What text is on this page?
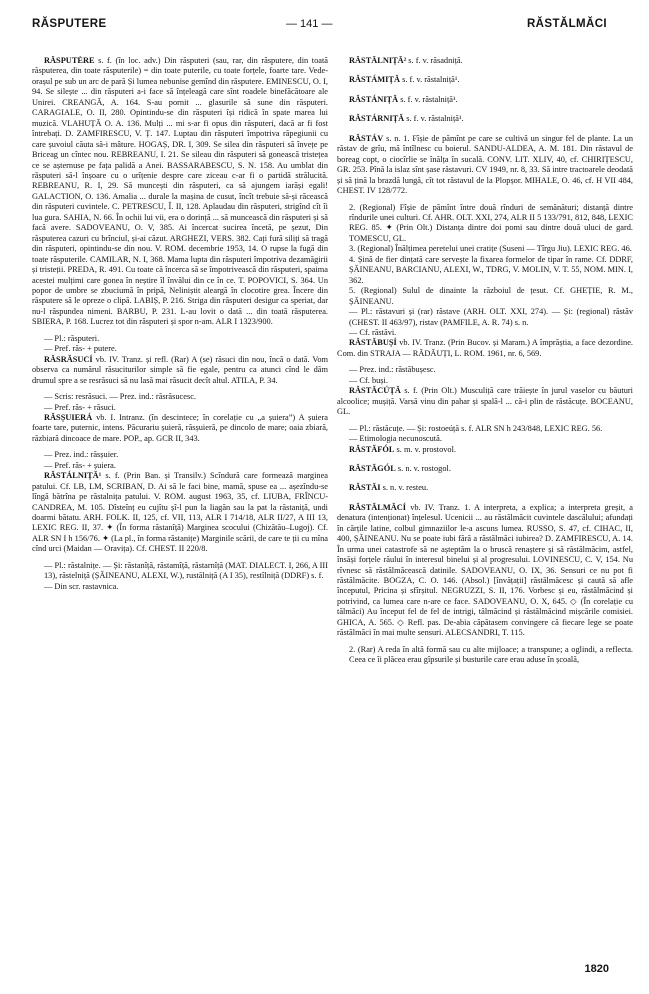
RĂSPUTERE	— 141 —	RĂSTĂLMĂCI

RĂSPUTÉRE s. f. (în loc. adv.) Din răsputeri (sau, rar, din răsputere, din toată răsputerea, din toate răsputerile) = din toate puterile, cu toate forțele, foarte tare. Vede-orașul pe sub un arc de pară Și lumea nebunise gemînd din răsputere. EMINESCU, O. I, 94. Se silește ... din răsputeri a-i face să înțeleagă care sînt roadele binefăcătoare ale Unirei. CREANGĂ, A. 164. S-au pornit ... glasurile să sune din răsputeri. CARAGIALE, O. II, 280. Opintindu-se din răsputeri își ridică în spate marea lui muzică. VLAHUȚĂ O. A. 136. Mulți ... mi s-ar fi opus din răsputeri, dacă ar fi fost întrebați. D. ZAMFIRESCU, V. Ț. 147. Luptau din răsputeri împotriva răpegiunii cu care șuvoiul căuta să-i mâture. HOGAȘ, DR. I, 309. Se silea din răsputeri să învețe pe Briceag un cîntec nou. REBREANU, I. 21. Se sileau din răsputeri să gonească tristețea ce se așternuse pe fața palidă a Anei. BASSARABESCU, S. N. 158. Au umblat din răsputeri să-l înșoare cu o urîțenie despre care ziceau c-ar fi o partidă strălucită. REBREANU, R. I, 29. Să muncești din răsputeri, ca să ajungem iarăși egali! GALACTION, O. 136. Amalia ... durale la mașina de cusut, încît trebuie să-și răcească din răsputeri cuvintele. C. PETRESCU, Î. II, 128. Aplaudau din răsputeri, strigînd cît îi lua gura. SAHIA, N. 66. În ochii lui vii, era o dorință ... să muncească din răsputeri și să facă avere. SADOVEANU, O. V, 385. Ai încercat sucirea încetă, pe șezut, Din răsputerea cazuri cu brînciul, și-ai căzut. ARGHEZI, VERS. 382. Cați fură siliți să tragă din răsputeri, opintindu-se din nou. V. ROM. decembrie 1953, 14. O rupse la fugă din toate răsputerile. CAMILAR, N. I, 368. Mama lupta din răsputeri împotriva dezamăgirii și tristeții. PREDA, R. 491. Cu toate că încerca să se împotrivească din răsputeri, spaima acestei mulțimi care gonea în neștire îl învălui din ce în ce. T. POPOVICI, S. 364. Un popor de umbre se zbuciumă în pripă, Neliniștit aleargă în clocotire grea. Încere din răsputere să le opreze o clipă. LABIȘ, P. 216. Striga din răsputeri desigur ca speriat, dar nu-l răspundea nimeni. BARBU, P. 231. L-au lovit o dată ... din toată răsputerea. SBIERA, P. 168. Lucrez tot din răsputeri și spor n-am. ALR I 1323/900.

— Pl.: răsputeri.

— Pref. răs- + putere.

RĂSRĂSUCÍ vb. IV. Tranz. și refl. (Rar) A (se) răsuci din nou, încă o dată. Vom observa ca numărul răsuciturilor simple să fie egale, pentru ca atunci cînd le dăm drumul spre a se resrăsuci să nu lasă mai răsucit decît altul. ATILA, P. 34.

— Scris: resrăsuci. — Prez. ind.: răsrăsucesc.

— Pref. răs- + răsuci.

RĂSȘUIERÁ vb. I. Intranz. (în descintece; în corelație cu „a șuiera”) A șuiera foarte tare, puternic, intens. Păcurariu șuieră, răsșuieră, pe dincolo de mare; oaia zbiară, răzbiară dincoace de mare. POP., ap. GCR II, 343.

— Prez. ind.: răsșuier.

— Pref. răs- + șuiera.

RĂSTÁLNIȚĂ¹ s. f. (Prin Ban. și Transilv.) Scîndură care formează marginea patului. Cf. LB, LM, SCRIBAN, D. Ai să le faci bine, mamă, spuse ea ... așezîndu-se lîngă bătrîna pe răstalnița patului. V. ROM. august 1963, 35, cf. LIUBA, FRÎNCU-CANDREA, M. 105. Dîsteînț eu cujîtu șî-l pun la liagăn sau la pat la răstaniță, undi doarmi bătatu. ARH. FOLK. II, 125, cf. VII, 113, ALR I 714/18, ALR II/27, A III 13, LEXIC REG. II, 37. ✦ (În forma răstanîță) Marginea scocului (Chizătău–Lugoj). Cf. ALR SN I h 156/76. ✦ (La pl., în forma răstanițe) Marginile scării, de care te ții cu mîna cînd urci (Maidan — Oravița). Cf. CHEST. II 220/8.

— Pl.: răstalnițe. — Și: răstanîță, răstamîță, răstarnîță (MAT. DIALECT. I, 266, A III 13), răstelniță (ȘĂINEANU, ALEXI, W.), rustălniță (A I 35), restîlniță (DDRF) s. f.

— Din scr. rastavnica.

RĂSTĂLNIȚĂ² s. f. v. răsadniță.

RĂSTÁMIȚĂ s. f. v. răstalniță¹.

RĂSTÁNIȚĂ s. f. v. răstalniță¹.

RĂSTÁRNIȚĂ s. f. v. răstalniță¹.

RĂSTÁV s. n. 1. Fîșie de pămînt pe care se cultivă un singur fel de plante. La un răstav de grîu, mă întîlnesc cu boierul. SANDU-ALDEA, A. M. 181. Din răstavul de boreag copt, o ciocîrlie se înălța în sucală. CONV. LIT. XLIV, 40, cf. CHIRIȚESCU, GR. 253. Pînă la islaz sînt șase răstavuri. CV 1949, nr. 8, 33. Să intre tractoarele deodată și să țină la brazdă lungă, cît tot răstavul de la Plopșor. MIHALE, O. 46, cf. H VII 484, CHEST. IV 128/772.

2. (Regional) Fîșie de pămînt între două rînduri de semănături; distanță dintre rîndurile unei culturi. Cf. AHR. OLT. XXI, 274, ALR II 5 133/791, 812, 848, LEXIC REG. 85. ✦ (Prin Olt.) Distanța dintre doi pomi sau dintre două uluci de gard. TOMESCU, GL.

3. (Regional) Înălțimea peretelui unei cratițe (Suseni — Tîrgu Jiu). LEXIC REG. 46.

4. Șină de fier dințată care servește la fixarea formelor de tipar în rame. Cf. DDRF, ȘĂINEANU, BARCIANU, ALEXI, W., TDRG, V. MOLIN, V. T. 55, NOM. MIN. I, 362.

5. (Regional) Sulul de dinainte la războiul de țesut. Cf. GHEȚIE, R. M., ȘĂINEANU.

— Pl.: răstavuri și (rar) răstave (ARH. OLT. XXI, 274). — Și: (regional) răstăv (CHEST. II 463/97), ristav (PAMFILE, A. R. 74) s. n.

— Cf. răstăvi.

RĂSTĂBUȘÍ vb. IV. Tranz. (Prin Bucov. și Maram.) A împrăștia, a face dezordine. Com. din STRAJA — RĂDĂUȚI, L. ROM. 1961, nr. 6, 569.

— Prez. ind.: răstăbușesc.

— Cf. buși.

RĂSTĂCÚȚĂ s. f. (Prin Olt.) Musculiță care trăiește în jurul vaselor cu băuturi alcoolice; mușiță. Varsă vinu din pahar și spală-l ... că-i plin de răstăcuțe. BOCEANU, GL.

— Pl.: răstăcuțe. — Și: rostoeúță s. f. ALR SN h 243/848, LEXIC REG. 56.

— Etimologia necunoscută.

RĂSTĂFÓL s. m. v. prostovol.

RĂSTĂGÓL s. n. v. rostogol.

RĂSTĂI s. n. v. resteu.

RĂSTĂLMĂCÍ vb. IV. Tranz. 1. A interpreta, a explica; a interpreta greșit, a denatura (intenționat) înțelesul. Ucenicii ... au răstălmăcit cuvintele dascălului; afundați în cărțile latine, colbul gimnaziilor le-a ascuns lumea. RUSSO, S. 47, cf. CIHAC, II, 400, ȘĂINEANU. Nu se poate iubi fără a răstălmăci iubirea? D. ZAMFIRESCU, A. 14. În urma unei catastrofe să ne așteptăm la o bruscă renaștere și să răstălmăcim, astfel, însăși forțele răului în interesul binelui și al progresului. LOVINESCU, C. V, 154. Nu rîvnesc să răstălmăcească datinile. SADOVEANU, O. IX, 36. Sensuri ce nu pot fi răstălmăcite. BOGZA, C. O. 146. (Absol.) [învățații] răstălmăcesc și caută să afle începutul, Pricina și sfîrșitul. NEGRUZZI, S. II, 176. Vorbesc și eu, răstălmăcind și potrivind, ca lumea care n-are ce face. SADOVEANU, O. X, 645. ◇ (În corelație cu tălmăci) Au început fel de fel de intrigi, tălmăcind și răstălmăcind mișcările comisiei. GHICA, A. 565. ◇ Refl. pas. De-abia căpătasem convingere că fiecare lege se poate răstălmăci în mai multe sensuri. ALECSANDRI, T. 115.

2. (Rar) A reda în altă formă sau cu alte mijloace; a transpune; a oglindi, a reflecta. Ceea ce îi plăcea erau gîpsurile și busturile care erau aduse în școală,

1820
